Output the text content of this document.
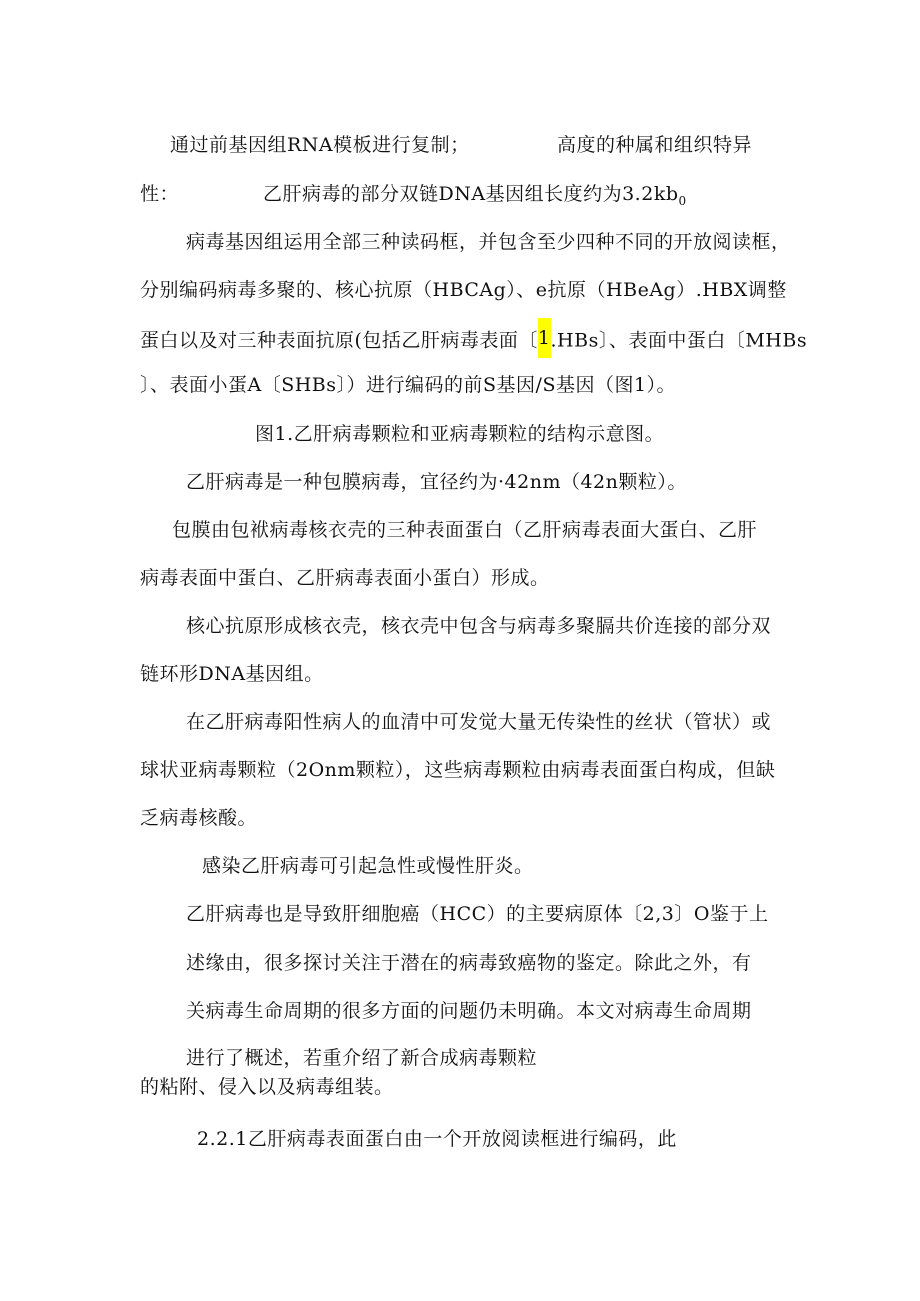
通过前基因组RNA模板进行复制；	高度的种属和组织特异
性：	乙肝病毒的部分双链DNA基因组长度约为$3.2kb_0$
病毒基因组运用全部三种读码框，并包含至少四种不同的开放阅读框，
分别编码病毒多聚的、核心抗原（HBCAg）、e抗原（HBeAg）.HBX调整
蛋白以及对三种表面抗原(包括乙肝病毒表面〔1.HBs〕、表面中蛋白〔MHBs
〕、表面小蛋A〔SHBs〕）进行编码的前S基因/S基因（图1）。
图1.乙肝病毒颗粒和亚病毒颗粒的结构示意图。
乙肝病毒是一种包膜病毒，宜径约为·42nm（42n颗粒）。
包膜由包袱病毒核衣壳的三种表面蛋白（乙肝病毒表面大蛋白、乙肝
病毒表面中蛋白、乙肝病毒表面小蛋白）形成。
核心抗原形成核衣壳，核衣壳中包含与病毒多聚膈共价连接的部分双
链环形DNA基因组。
在乙肝病毒阳性病人的血清中可发觉大量无传染性的丝状（管状）或
球状亚病毒颗粒（2Onm颗粒），这些病毒颗粒由病毒表面蛋白构成，但缺
乏病毒核酸。
感染乙肝病毒可引起急性或慢性肝炎。
乙肝病毒也是导致肝细胞癌（HCC）的主要病原体〔2,3〕O鉴于上
述缘由，很多探讨关注于潜在的病毒致癌物的鉴定。除此之外，有
关病毒生命周期的很多方面的问题仍未明确。本文对病毒生命周期
进行了概述，若重介绍了新合成病毒颗粒
的粘附、侵入以及病毒组装。
2.2.1乙肝病毒表面蛋白由一个开放阅读框进行编码，此
